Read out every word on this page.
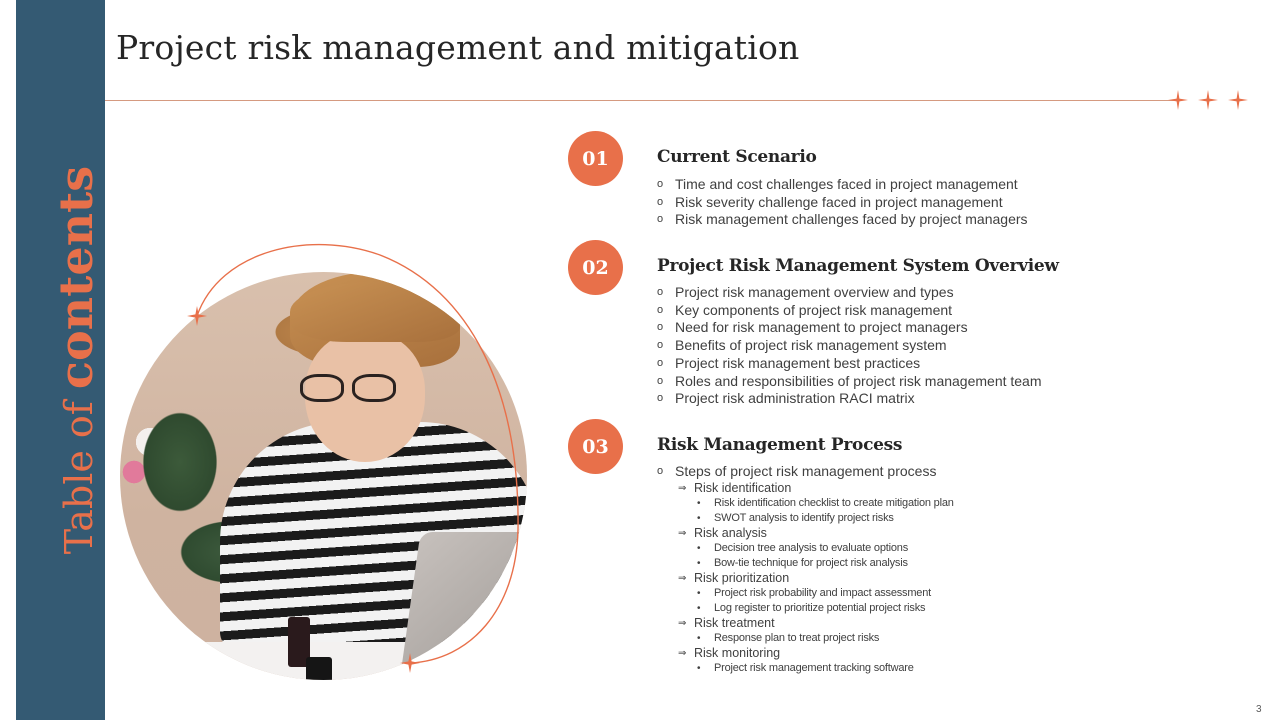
Table of contents
Project risk management and mitigation
01	Current Scenario
o Time and cost challenges faced in project management
o Risk severity challenge faced in project management
o Risk management challenges faced by project managers
02	Project Risk Management System Overview
o Project risk management overview and types
o Key components of project risk management
o Need for risk management to project managers
o Benefits of project risk management system
o Project risk management best practices
o Roles and responsibilities of project risk management team
o Project risk administration RACI matrix
03	Risk Management Process
o Steps of project risk management process
⇒ Risk identification
• Risk identification checklist to create mitigation plan
• SWOT analysis to identify project risks
⇒ Risk analysis
• Decision tree analysis to evaluate options
• Bow-tie technique for project risk analysis
⇒ Risk prioritization
• Project risk probability and impact assessment
• Log register to prioritize potential project risks
⇒ Risk treatment
• Response plan to treat project risks
⇒ Risk monitoring
• Project risk management tracking software
3
